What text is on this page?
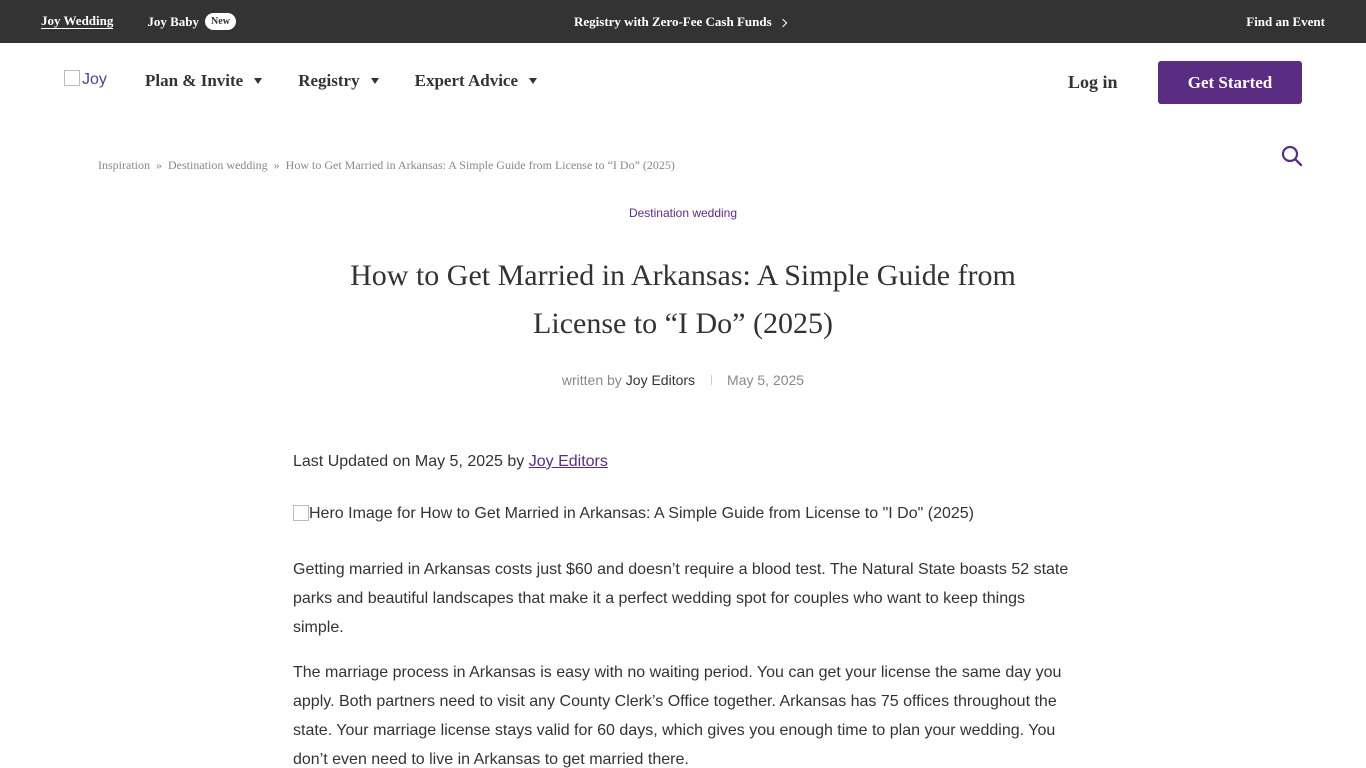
Joy Wedding	Joy Baby	New	Registry with Zero-Fee Cash Funds	Find an Event
Joy Plan & Invite	Registry	Expert Advice	Log in	Get Started
Inspiration » Destination wedding » How to Get Married in Arkansas: A Simple Guide from License to “I Do” (2025)
Destination wedding
How to Get Married in Arkansas: A Simple Guide from License to “I Do” (2025)
written by Joy Editors May 5, 2025

Last Updated on May 5, 2025 by Joy Editors

Hero Image for How to Get Married in Arkansas: A Simple Guide from License to "I Do" (2025)

Getting married in Arkansas costs just $60 and doesn’t require a blood test. The Natural State boasts 52 state parks and beautiful landscapes that make it a perfect wedding spot for couples who want to keep things simple.

The marriage process in Arkansas is easy with no waiting period. You can get your license the same day you apply. Both partners need to visit any County Clerk’s Office together. Arkansas has 75 offices throughout the state. Your marriage license stays valid for 60 days, which gives you enough time to plan your wedding. You don’t even need to live in Arkansas to get married there.
